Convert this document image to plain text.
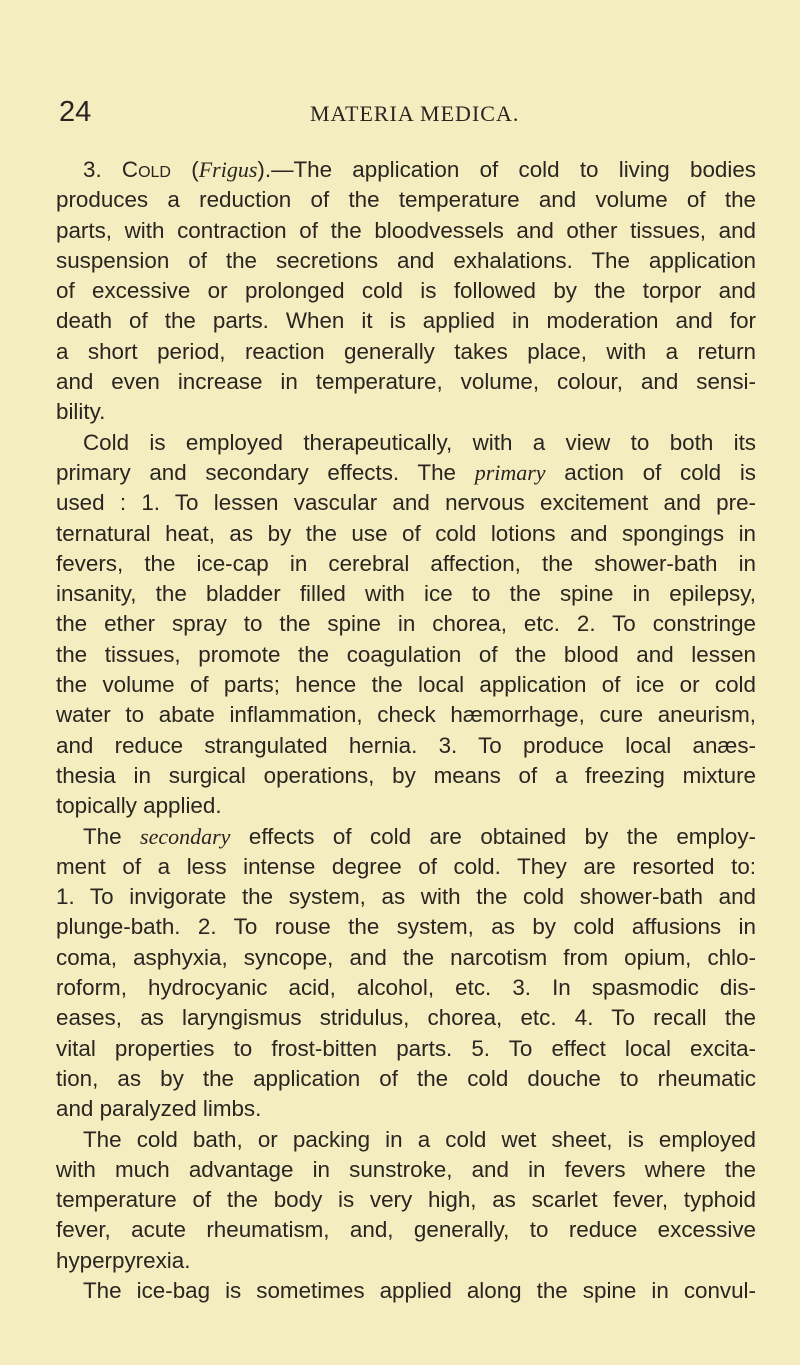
24	MATERIA MEDICA.
3. Cold (Frigus).—The application of cold to living bodies
produces a reduction of the temperature and volume of the
parts, with contraction of the bloodvessels and other tissues, and
suspension of the secretions and exhalations. The application
of excessive or prolonged cold is followed by the torpor and
death of the parts. When it is applied in moderation and for
a short period, reaction generally takes place, with a return
and even increase in temperature, volume, colour, and sensi-
bility.
Cold is employed therapeutically, with a view to both its
primary and secondary effects. The primary action of cold is
used : 1. To lessen vascular and nervous excitement and pre-
ternatural heat, as by the use of cold lotions and spongings in
fevers, the ice-cap in cerebral affection, the shower-bath in
insanity, the bladder filled with ice to the spine in epilepsy,
the ether spray to the spine in chorea, etc. 2. To constringe
the tissues, promote the coagulation of the blood and lessen
the volume of parts; hence the local application of ice or cold
water to abate inflammation, check hæmorrhage, cure aneurism,
and reduce strangulated hernia. 3. To produce local anæs-
thesia in surgical operations, by means of a freezing mixture
topically applied.
The secondary effects of cold are obtained by the employ-
ment of a less intense degree of cold. They are resorted to:
1. To invigorate the system, as with the cold shower-bath and
plunge-bath. 2. To rouse the system, as by cold affusions in
coma, asphyxia, syncope, and the narcotism from opium, chlo-
roform, hydrocyanic acid, alcohol, etc. 3. In spasmodic dis-
eases, as laryngismus stridulus, chorea, etc. 4. To recall the
vital properties to frost-bitten parts. 5. To effect local excita-
tion, as by the application of the cold douche to rheumatic
and paralyzed limbs.
The cold bath, or packing in a cold wet sheet, is employed
with much advantage in sunstroke, and in fevers where the
temperature of the body is very high, as scarlet fever, typhoid
fever, acute rheumatism, and, generally, to reduce excessive
hyperpyrexia.
The ice-bag is sometimes applied along the spine in convul-
